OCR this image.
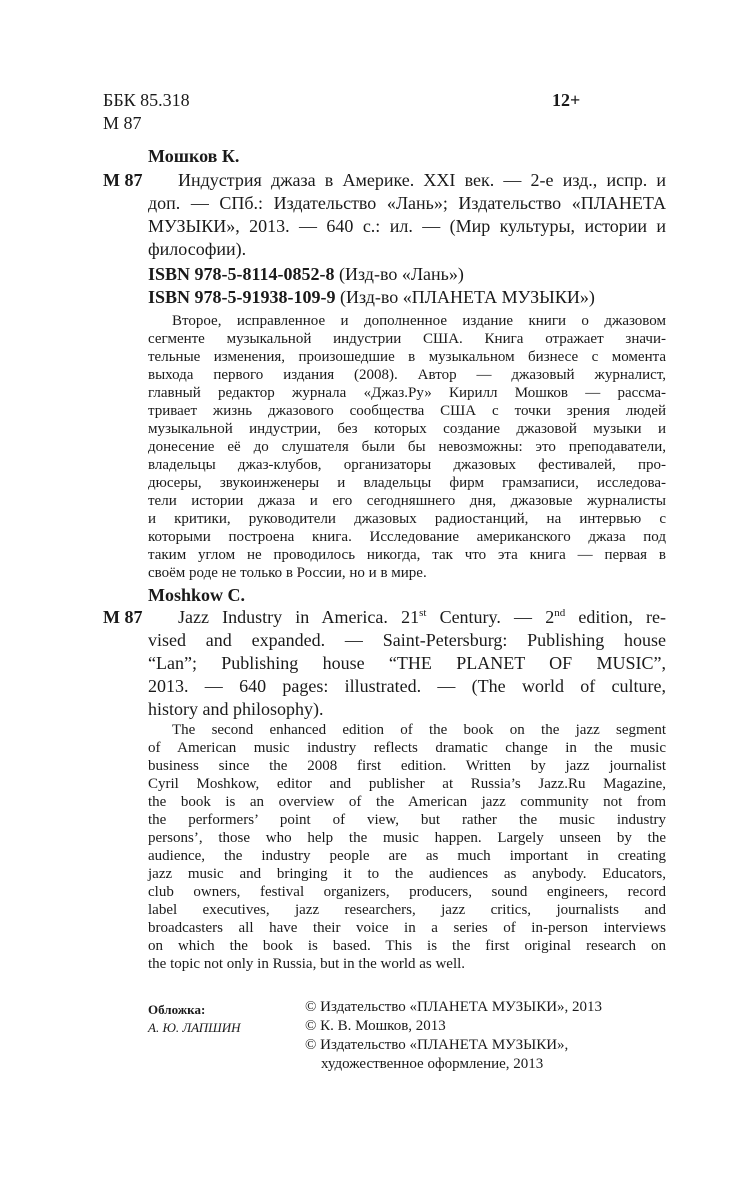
ББК 85.318
М 87
12+
Мошков К.
М 87 Индустрия джаза в Америке. XXI век. — 2-е изд., испр. и
доп. — СПб.: Издательство «Лань»; Издательство «ПЛАНЕТА
МУЗЫКИ», 2013. — 640 с.: ил. — (Мир культуры, истории и
философии).
ISBN 978-5-8114-0852-8 (Изд-во «Лань»)
ISBN 978-5-91938-109-9 (Изд-во «ПЛАНЕТА МУЗЫКИ»)
Второе, исправленное и дополненное издание книги о джазовом
сегменте музыкальной индустрии США. Книга отражает значи-
тельные изменения, произошедшие в музыкальном бизнесе с момента
выхода первого издания (2008). Автор — джазовый журналист,
главный редактор журнала «Джаз.Ру» Кирилл Мошков — рассма-
тривает жизнь джазового сообщества США с точки зрения людей
музыкальной индустрии, без которых создание джазовой музыки и
донесение её до слушателя были бы невозможны: это преподаватели,
владельцы джаз-клубов, организаторы джазовых фестивалей, про-
дюсеры, звукоинженеры и владельцы фирм грамзаписи, исследова-
тели истории джаза и его сегодняшнего дня, джазовые журналисты
и критики, руководители джазовых радиостанций, на интервью с
которыми построена книга. Исследование американского джаза под
таким углом не проводилось никогда, так что эта книга — первая в
своём роде не только в России, но и в мире.
Moshkow C.
М 87 Jazz Industry in America. 21st Century. — 2nd edition, re-
vised and expanded. — Saint-Petersburg: Publishing house
“Lan”; Publishing house “THE PLANET OF MUSIC”,
2013. — 640 pages: illustrated. — (The world of culture,
history and philosophy).
The second enhanced edition of the book on the jazz segment
of American music industry reflects dramatic change in the music
business since the 2008 first edition. Written by jazz journalist
Cyril Moshkow, editor and publisher at Russia’s Jazz.Ru Magazine,
the book is an overview of the American jazz community not from
the performers’ point of view, but rather the music industry
persons’, those who help the music happen. Largely unseen by the
audience, the industry people are as much important in creating
jazz music and bringing it to the audiences as anybody. Educators,
club owners, festival organizers, producers, sound engineers, record
label executives, jazz researchers, jazz critics, journalists and
broadcasters all have their voice in a series of in-person interviews
on which the book is based. This is the first original research on
the topic not only in Russia, but in the world as well.
Обложка:
А. Ю. ЛАПШИН
© Издательство «ПЛАНЕТА МУЗЫКИ», 2013
© К. В. Мошков, 2013
© Издательство «ПЛАНЕТА МУЗЫКИ»,
художественное оформление, 2013
